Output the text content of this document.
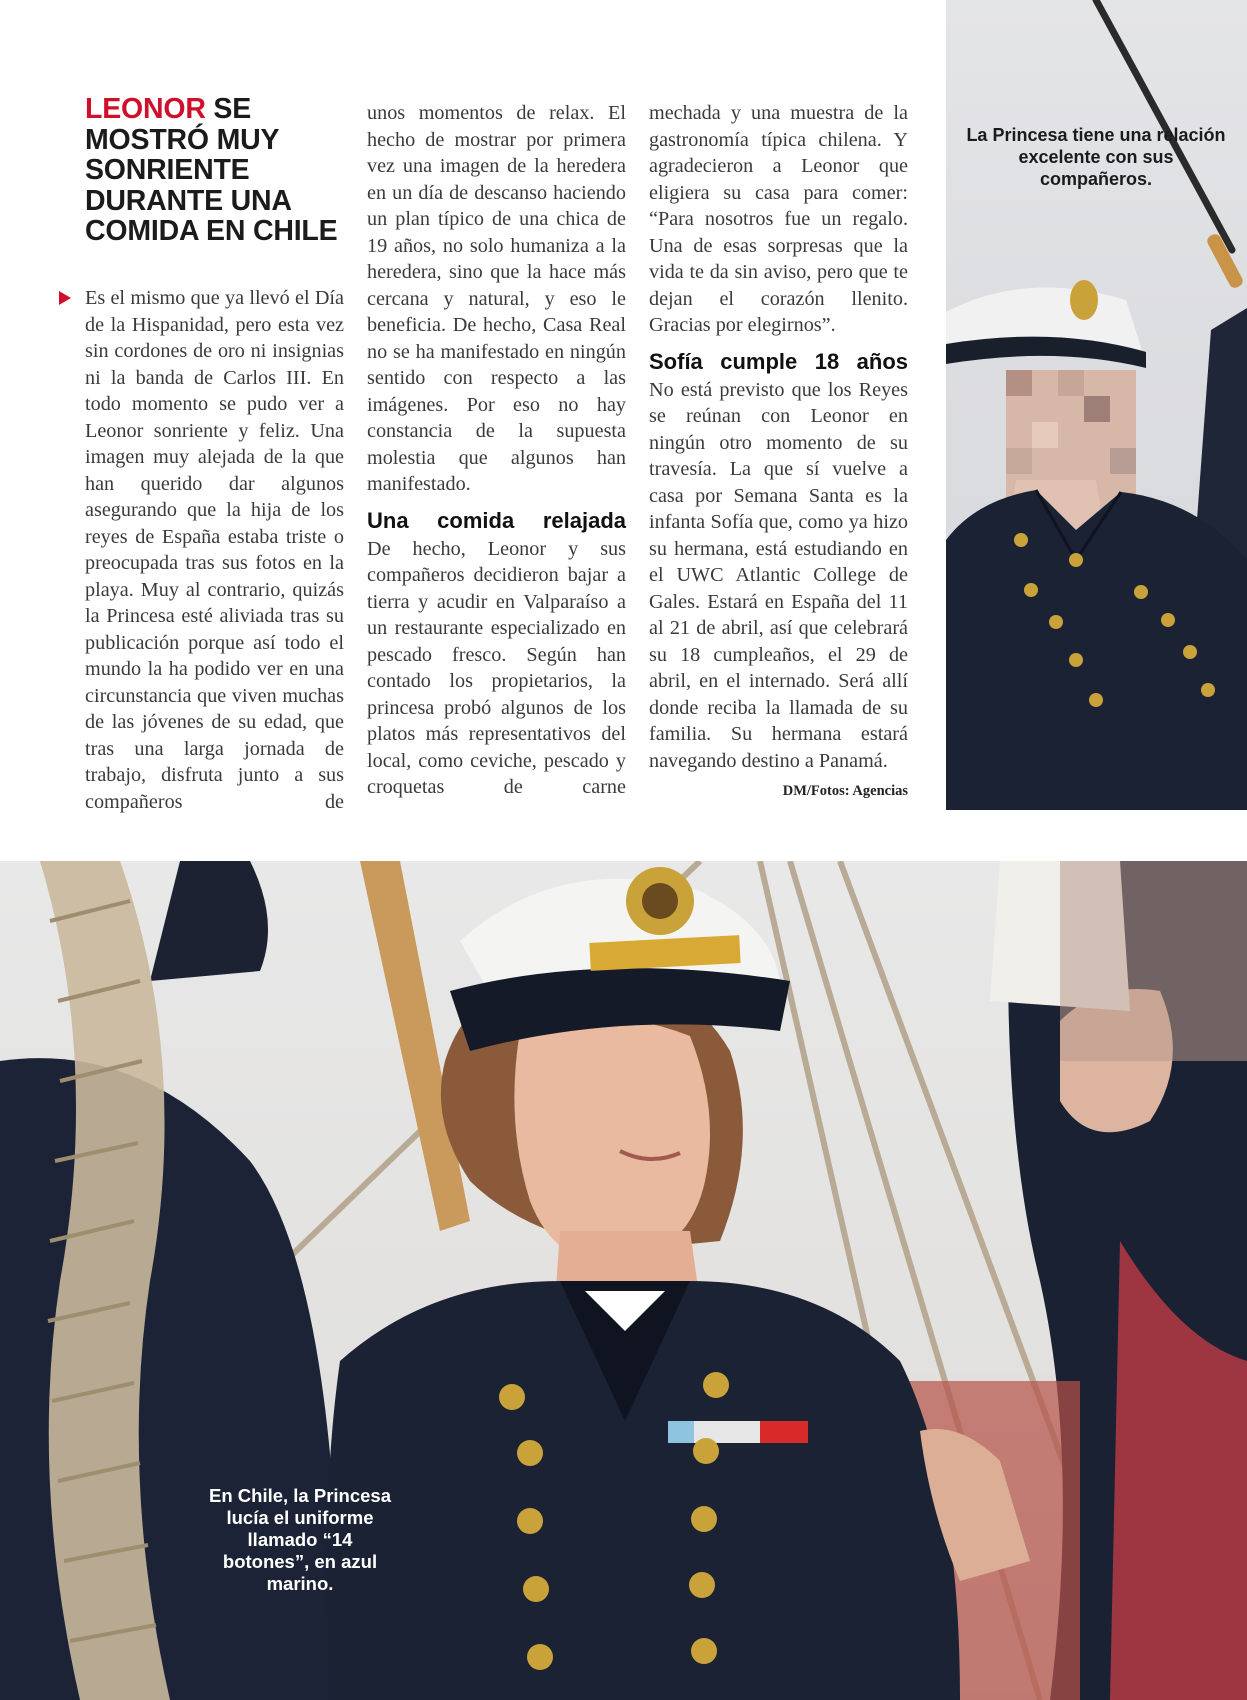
LEONOR SE MOSTRÓ MUY SONRIENTE DURANTE UNA COMIDA EN CHILE

Es el mismo que ya llevó el Día de la Hispanidad, pero esta vez sin cordones de oro ni insignias ni la banda de Carlos III. En todo momento se pudo ver a Leonor sonriente y feliz. Una imagen muy alejada de la que han querido dar algunos asegurando que la hija de los reyes de España estaba triste o preocupada tras sus fotos en la playa. Muy al contrario, quizás la Princesa esté aliviada tras su publicación porque así todo el mundo la ha podido ver en una circunstancia que viven muchas de las jóvenes de su edad, que tras una larga jornada de trabajo, disfruta junto a sus compañeros de

unos momentos de relax. El hecho de mostrar por primera vez una imagen de la heredera en un día de descanso haciendo un plan típico de una chica de 19 años, no solo humaniza a la heredera, sino que la hace más cercana y natural, y eso le beneficia. De hecho, Casa Real no se ha manifestado en ningún sentido con respecto a las imágenes. Por eso no hay constancia de la supuesta molestia que algunos han manifestado.

Una comida relajada

De hecho, Leonor y sus compañeros decidieron bajar a tierra y acudir en Valparaíso a un restaurante especializado en pescado fresco. Según han contado los propietarios, la princesa probó algunos de los platos más representativos del local, como ceviche, pescado y croquetas de carne

mechada y una muestra de la gastronomía típica chilena. Y agradecieron a Leonor que eligiera su casa para comer: “Para nosotros fue un regalo. Una de esas sorpresas que la vida te da sin aviso, pero que te dejan el corazón llenito. Gracias por elegirnos”.

Sofía cumple 18 años

No está previsto que los Reyes se reúnan con Leonor en ningún otro momento de su travesía. La que sí vuelve a casa por Semana Santa es la infanta Sofía que, como ya hizo su hermana, está estudiando en el UWC Atlantic College de Gales. Estará en España del 11 al 21 de abril, así que celebrará su 18 cumpleaños, el 29 de abril, en el internado. Será allí donde reciba la llamada de su familia. Su hermana estará navegando destino a Panamá.

DM/Fotos: Agencias
La Princesa tiene una relación excelente con sus compañeros.
En Chile, la Princesa lucía el uniforme llamado “14 botones”, en azul marino.
